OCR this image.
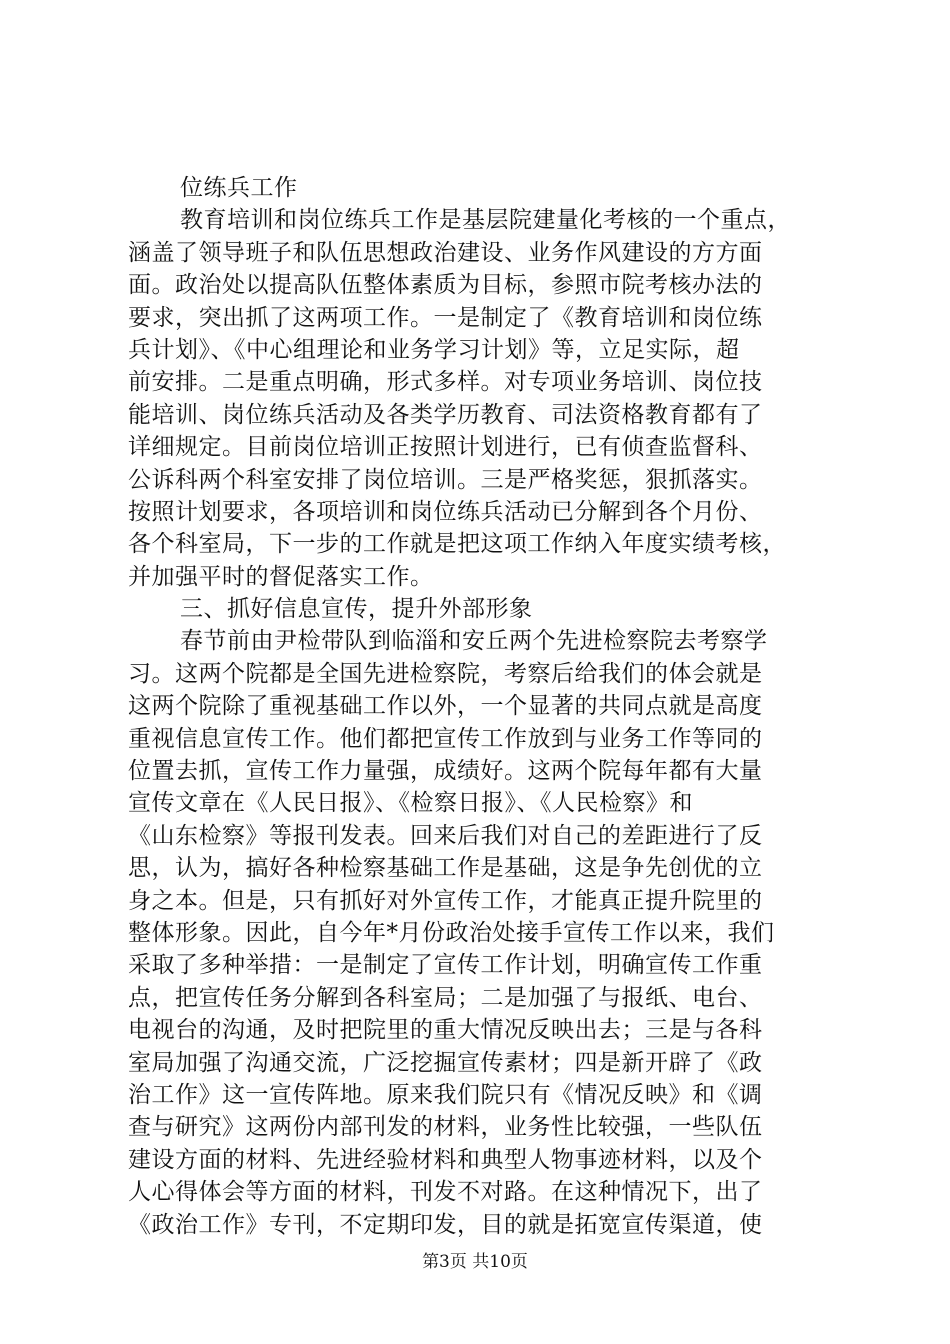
位练兵工作
教育培训和岗位练兵工作是基层院建量化考核的一个重点，
涵盖了领导班子和队伍思想政治建设、业务作风建设的方方面
面。政治处以提高队伍整体素质为目标，参照市院考核办法的
要求，突出抓了这两项工作。一是制定了《教育培训和岗位练
兵计划》、《中心组理论和业务学习计划》等，立足实际，超
前安排。二是重点明确，形式多样。对专项业务培训、岗位技
能培训、岗位练兵活动及各类学历教育、司法资格教育都有了
详细规定。目前岗位培训正按照计划进行，已有侦查监督科、
公诉科两个科室安排了岗位培训。三是严格奖惩，狠抓落实。
按照计划要求，各项培训和岗位练兵活动已分解到各个月份、
各个科室局，下一步的工作就是把这项工作纳入年度实绩考核，
并加强平时的督促落实工作。
三、抓好信息宣传，提升外部形象
春节前由尹检带队到临淄和安丘两个先进检察院去考察学
习。这两个院都是全国先进检察院，考察后给我们的体会就是
这两个院除了重视基础工作以外，一个显著的共同点就是高度
重视信息宣传工作。他们都把宣传工作放到与业务工作等同的
位置去抓，宣传工作力量强，成绩好。这两个院每年都有大量
宣传文章在《人民日报》、《检察日报》、《人民检察》和
《山东检察》等报刊发表。回来后我们对自己的差距进行了反
思，认为，搞好各种检察基础工作是基础，这是争先创优的立
身之本。但是，只有抓好对外宣传工作，才能真正提升院里的
整体形象。因此，自今年*月份政治处接手宣传工作以来，我们
采取了多种举措：一是制定了宣传工作计划，明确宣传工作重
点，把宣传任务分解到各科室局；二是加强了与报纸、电台、
电视台的沟通，及时把院里的重大情况反映出去；三是与各科
室局加强了沟通交流，广泛挖掘宣传素材；四是新开辟了《政
治工作》这一宣传阵地。原来我们院只有《情况反映》和《调
查与研究》这两份内部刊发的材料，业务性比较强，一些队伍
建设方面的材料、先进经验材料和典型人物事迹材料，以及个
人心得体会等方面的材料，刊发不对路。在这种情况下，出了
《政治工作》专刊，不定期印发，目的就是拓宽宣传渠道，使
第3页 共10页
